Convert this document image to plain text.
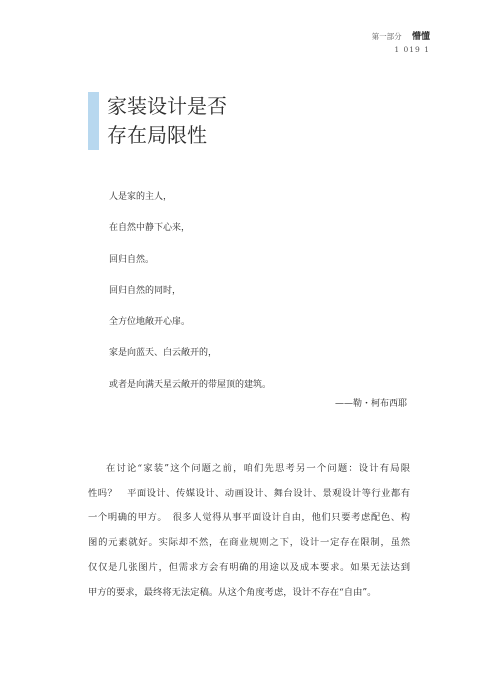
第一部分 懵懂
1 019 1
家装设计是否
存在局限性
人是家的主人，
在自然中静下心来，
回归自然。
回归自然的同时，
全方位地敞开心扉。
家是向蓝天、白云敞开的，
或者是向满天星云敞开的带屋顶的建筑。
——勒・柯布西耶
在讨论“家装”这个问题之前，咱们先思考另一个问题：设计有局限
性吗？　平面设计、传媒设计、动画设计、舞台设计、景观设计等行业都有
一个明确的甲方。　很多人觉得从事平面设计自由，他们只要考虑配色、构
图的元素就好。实际却不然，在商业规则之下，设计一定存在限制，虽然
仅仅是几张图片，但需求方会有明确的用途以及成本要求。如果无法达到
甲方的要求，最终将无法定稿。从这个角度考虑，设计不存在“自由”。
